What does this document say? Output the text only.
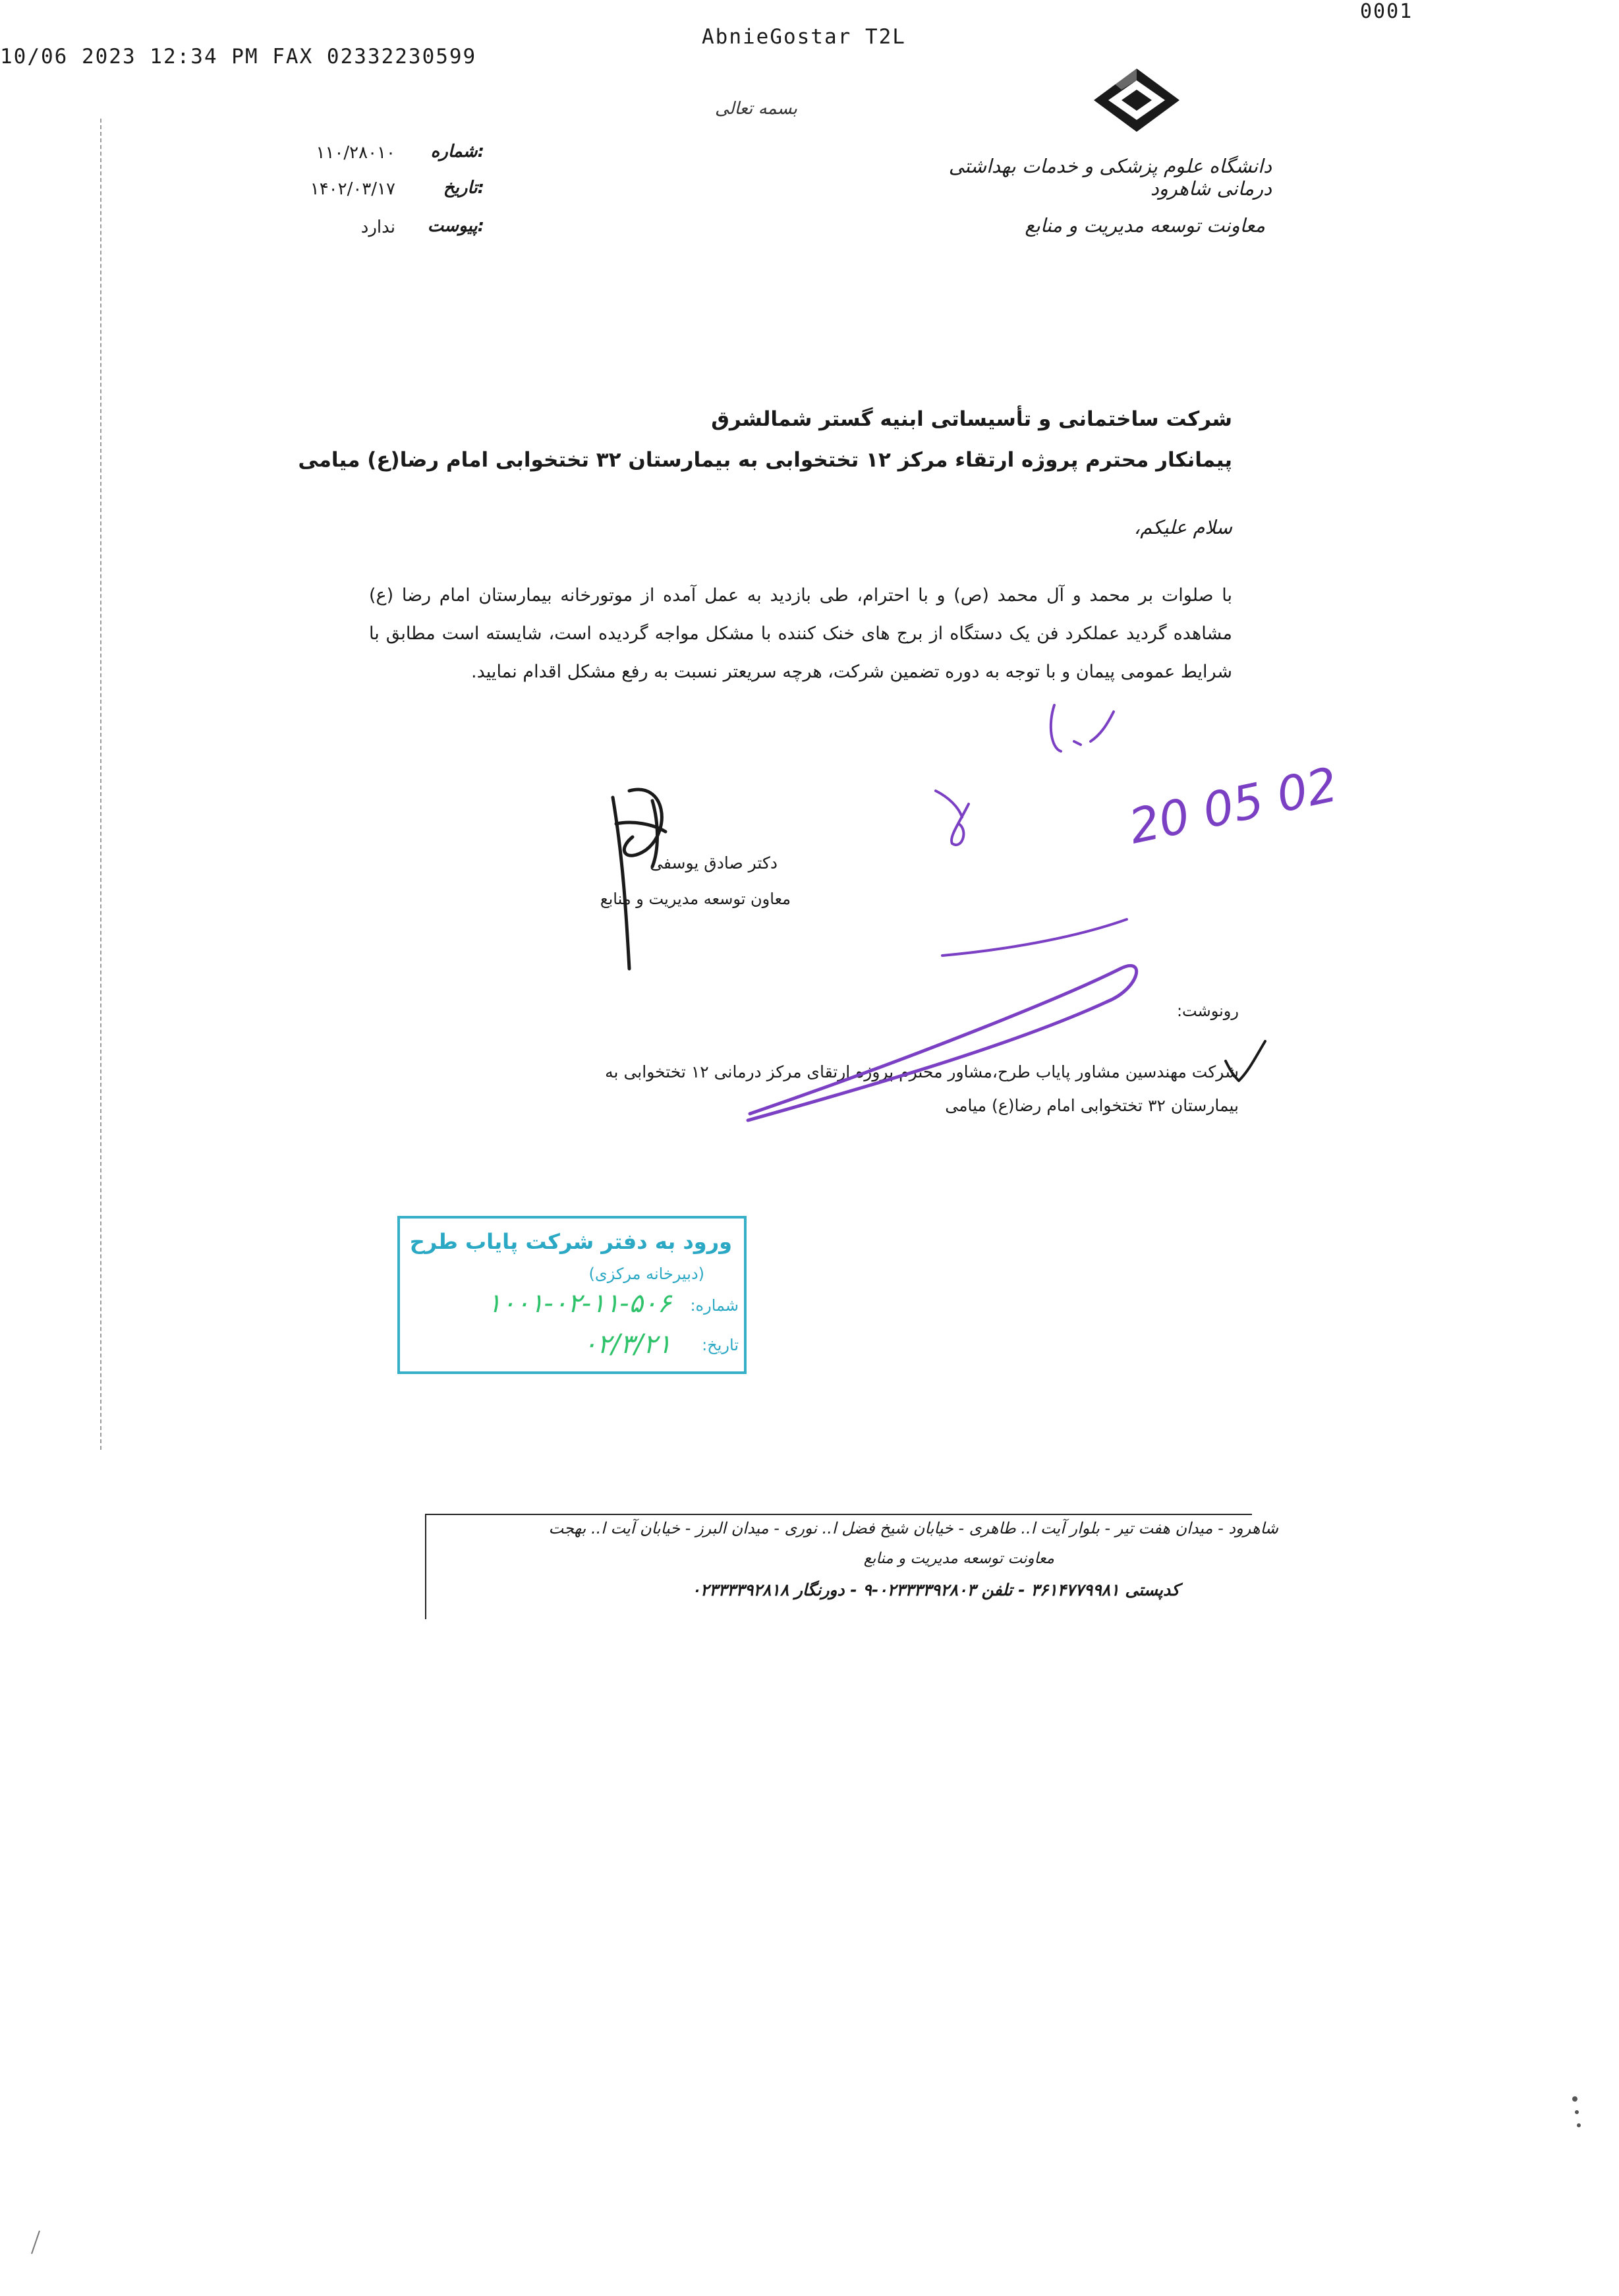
10/06 2023 12:34 PM FAX 02332230599
AbnieGostar T2L
0001
بسمه تعالی
دانشگاه علوم پزشکی و خدمات بهداشتی درمانی شاهرود
معاونت توسعه مدیریت و منابع
شماره:
۱۱۰/۲۸۰۱۰
تاریخ:
۱۴۰۲/۰۳/۱۷
پیوست:
ندارد
شرکت ساختمانی و تأسیساتی ابنیه گستر شمالشرق
پیمانکار محترم پروژه ارتقاء مرکز ۱۲ تختخوابی به بیمارستان ۳۲ تختخوابی امام رضا(ع) میامی
سلام علیکم،
با صلوات بر محمد و آل محمد (ص) و با احترام، طی بازدید به عمل آمده از موتورخانه بیمارستان امام رضا (ع) مشاهده گردید عملکرد فن یک دستگاه از برج های خنک کننده با مشکل مواجه گردیده است، شایسته است مطابق با شرایط عمومی پیمان و با توجه به دوره تضمین شرکت، هرچه سریعتر نسبت به رفع مشکل اقدام نمایید.
دکتر صادق یوسفی
معاون توسعه مدیریت و منابع
رونوشت:
شرکت مهندسین مشاور پایاب طرح،مشاور محترم پروژه ارتقای مرکز درمانی ۱۲ تختخوابی به
بیمارستان ۳۲ تختخوابی امام رضا(ع) میامی
ورود به دفتر شرکت پایاب طرح
(دبیرخانه مرکزی)
شماره:
۱۰۰۱-۰۲-۱۱-۵۰۶
تاریخ:
۰۲/۳/۲۱
20 05 02
شاهرود - میدان هفت تیر - بلوار آیت ا.. طاهری - خیابان شیخ فضل ا.. نوری - میدان البرز - خیابان آیت ا.. بهجت
معاونت توسعه مدیریت و منابع
کدپستی ۳۶۱۴۷۷۹۹۸۱ - تلفن ۰۲۳۳۳۳۹۲۸۰۳-۹ - دورنگار ۰۲۳۳۳۳۹۲۸۱۸
